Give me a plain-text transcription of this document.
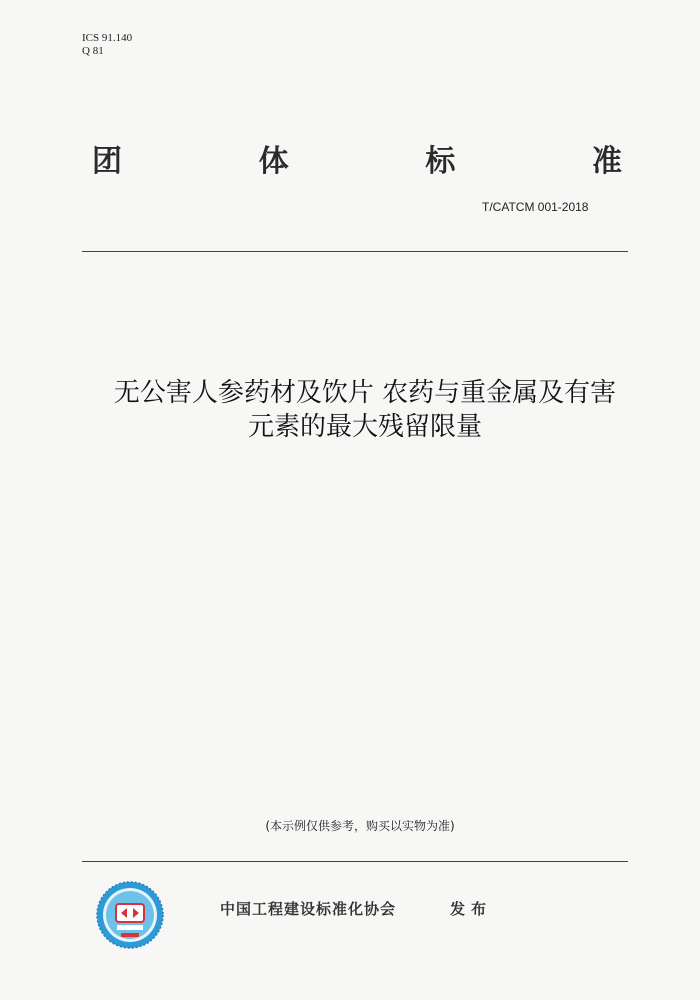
ICS 91.140
Q 81
团	体	标	准
T/CATCM 001-2018
无公害人参药材及饮片 农药与重金属及有害
元素的最大残留限量
(本示例仅供参考，购买以实物为准)
中国工程建设标准化协会	发布
